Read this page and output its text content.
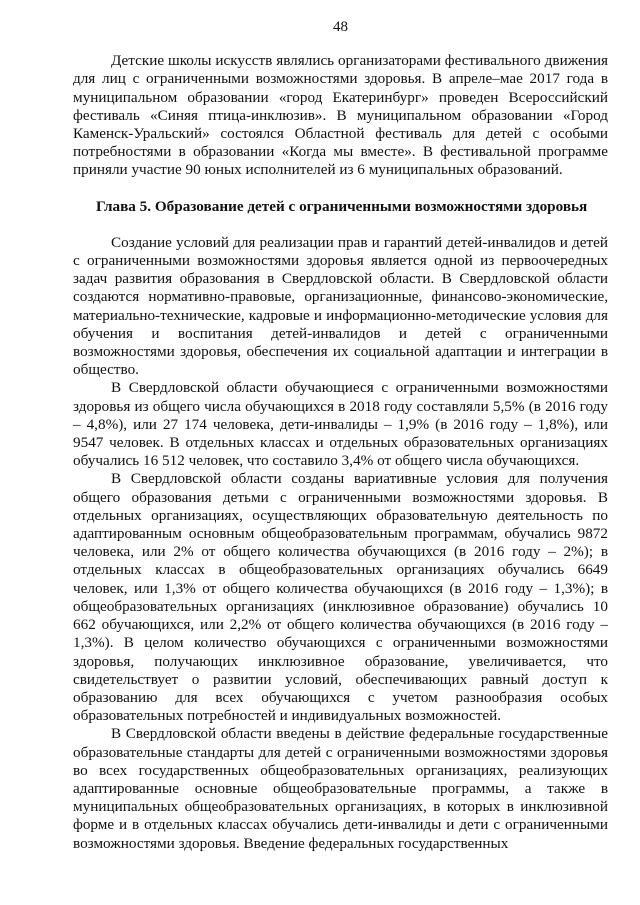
48

Детские школы искусств являлись организаторами фестивального движения для лиц с ограниченными возможностями здоровья. В апреле–мае 2017 года в муниципальном образовании «город Екатеринбург» проведен Всероссийский фестиваль «Синяя птица-инклюзив». В муниципальном образовании «Город Каменск-Уральский» состоялся Областной фестиваль для детей с особыми потребностями в образовании «Когда мы вместе». В фестивальной программе приняли участие 90 юных исполнителей из 6 муниципальных образований.

Глава 5. Образование детей с ограниченными возможностями здоровья

Создание условий для реализации прав и гарантий детей-инвалидов и детей с ограниченными возможностями здоровья является одной из первоочередных задач развития образования в Свердловской области. В Свердловской области создаются нормативно-правовые, организационные, финансово-экономические, материально-технические, кадровые и информационно-методические условия для обучения и воспитания детей-инвалидов и детей с ограниченными возможностями здоровья, обеспечения их социальной адаптации и интеграции в общество.

В Свердловской области обучающиеся с ограниченными возможностями здоровья из общего числа обучающихся в 2018 году составляли 5,5% (в 2016 году – 4,8%), или 27 174 человека, дети-инвалиды – 1,9% (в 2016 году – 1,8%), или 9547 человек. В отдельных классах и отдельных образовательных организациях обучались 16 512 человек, что составило 3,4% от общего числа обучающихся.

В Свердловской области созданы вариативные условия для получения общего образования детьми с ограниченными возможностями здоровья. В отдельных организациях, осуществляющих образовательную деятельность по адаптированным основным общеобразовательным программам, обучались 9872 человека, или 2% от общего количества обучающихся (в 2016 году – 2%); в отдельных классах в общеобразовательных организациях обучались 6649 человек, или 1,3% от общего количества обучающихся (в 2016 году – 1,3%); в общеобразовательных организациях (инклюзивное образование) обучались 10 662 обучающихся, или 2,2% от общего количества обучающихся (в 2016 году – 1,3%). В целом количество обучающихся с ограниченными возможностями здоровья, получающих инклюзивное образование, увеличивается, что свидетельствует о развитии условий, обеспечивающих равный доступ к образованию для всех обучающихся с учетом разнообразия особых образовательных потребностей и индивидуальных возможностей.

В Свердловской области введены в действие федеральные государственные образовательные стандарты для детей с ограниченными возможностями здоровья во всех государственных общеобразовательных организациях, реализующих адаптированные основные общеобразовательные программы, а также в муниципальных общеобразовательных организациях, в которых в инклюзивной форме и в отдельных классах обучались дети-инвалиды и дети с ограниченными возможностями здоровья. Введение федеральных государственных
